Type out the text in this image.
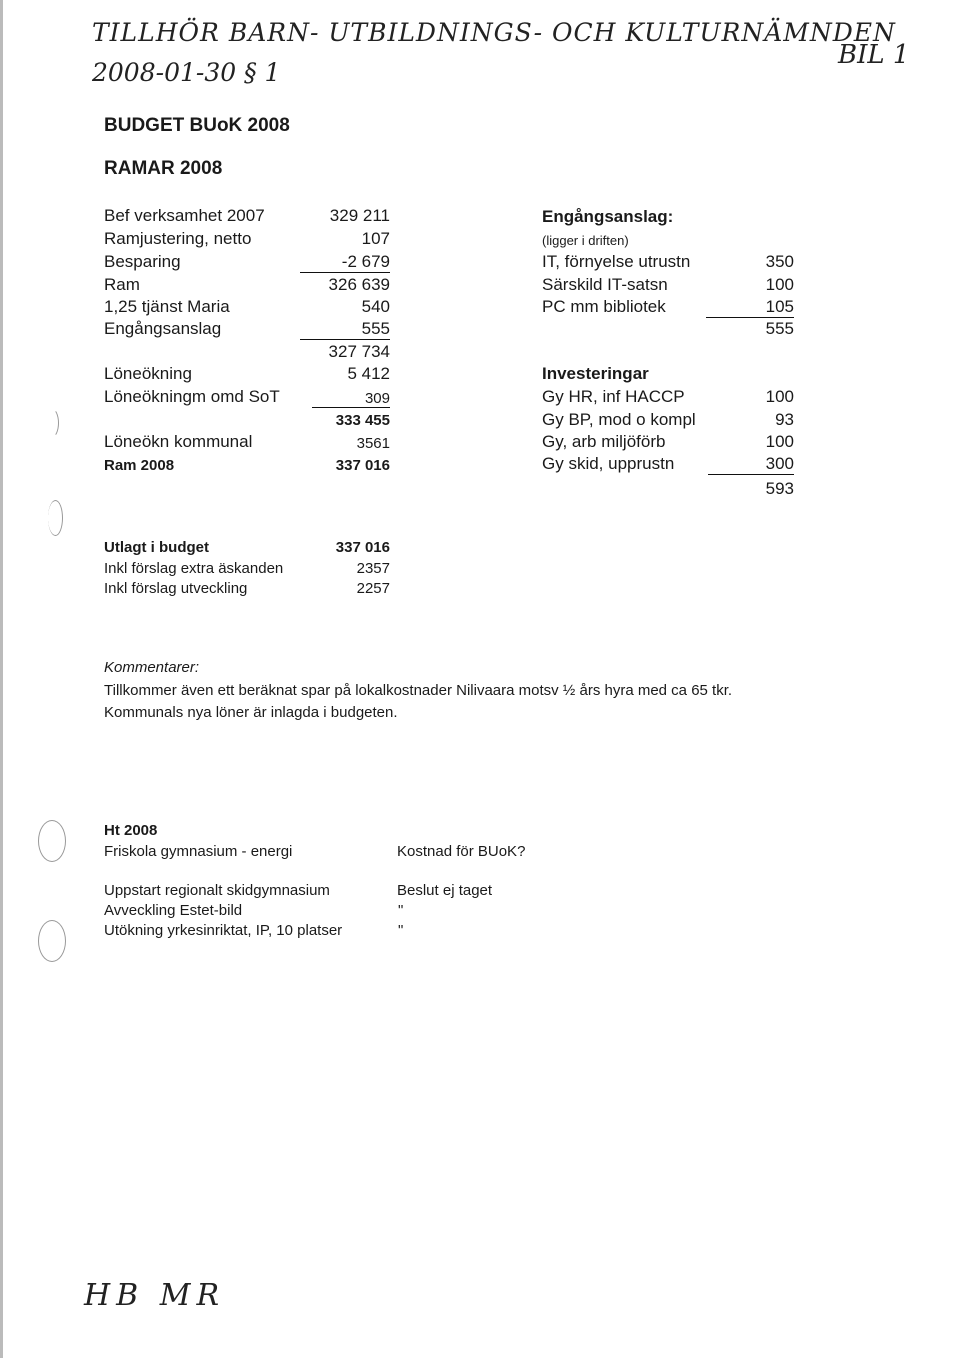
TILLHÖR BARN- UTBILDNINGS- OCH KULTURNÄMNDEN
2008-01-30 § 1
BIL 1
BUDGET BUoK 2008
RAMAR 2008
Bef verksamhet 2007	329 211
Ramjustering, netto	107
Besparing	-2 679
Ram	326 639
1,25 tjänst Maria	540
Engångsanslag	555
327 734
Löneökning	5 412
Löneökningm omd SoT	309
333 455
Löneökn kommunal	3561
Ram 2008	337 016
Engångsanslag:
(ligger i driften)
IT, förnyelse utrustn	350
Särskild IT-satsn	100
PC mm bibliotek	105
555
Investeringar
Gy HR, inf HACCP	100
Gy BP, mod o kompl	93
Gy, arb miljöförb	100
Gy skid, upprustn	300
593
Utlagt i budget	337 016
Inkl förslag extra äskanden	2357
Inkl förslag utveckling	2257
Kommentarer:
Tillkommer även ett beräknat spar på lokalkostnader Nilivaara motsv ½ års hyra med ca 65 tkr.
Kommunals nya löner är inlagda i budgeten.
Ht 2008
Friskola gymnasium - energi	Kostnad för BUoK?
Uppstart regionalt skidgymnasium	Beslut ej taget
Avveckling Estet-bild	"
Utökning yrkesinriktat, IP, 10 platser	"
HB MR
